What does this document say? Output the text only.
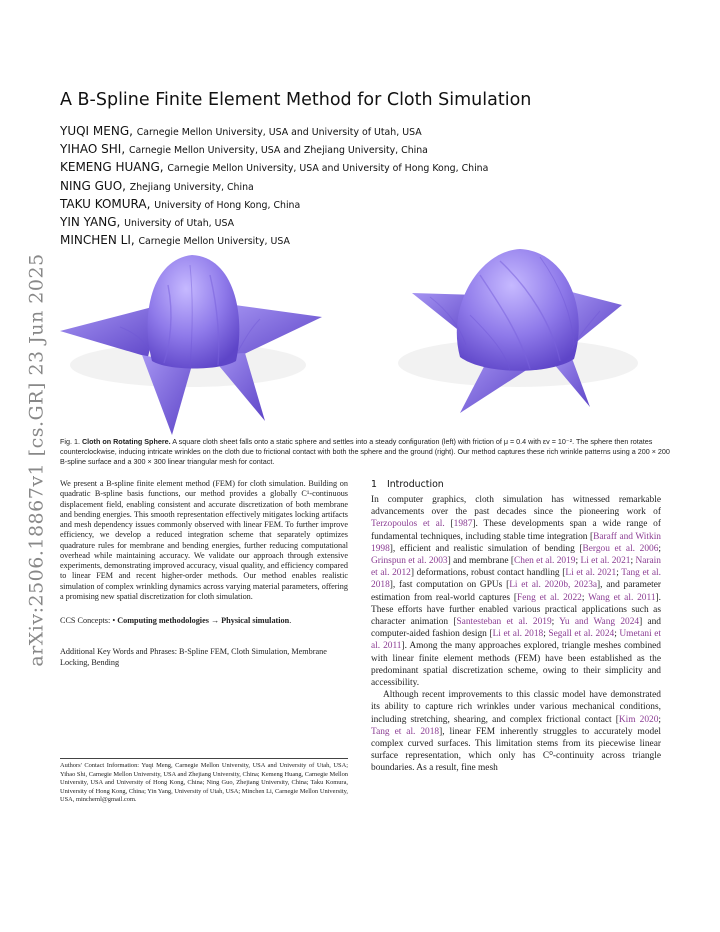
arXiv:2506.18867v1 [cs.GR] 23 Jun 2025
A B-Spline Finite Element Method for Cloth Simulation
YUQI MENG, Carnegie Mellon University, USA and University of Utah, USA
YIHAO SHI, Carnegie Mellon University, USA and Zhejiang University, China
KEMENG HUANG, Carnegie Mellon University, USA and University of Hong Kong, China
NING GUO, Zhejiang University, China
TAKU KOMURA, University of Hong Kong, China
YIN YANG, University of Utah, USA
MINCHEN LI, Carnegie Mellon University, USA

Fig. 1. Cloth on Rotating Sphere. A square cloth sheet falls onto a static sphere and settles into a steady configuration (left) with friction of μ = 0.4 with εv = 10⁻². The sphere then rotates counterclockwise, inducing intricate wrinkles on the cloth due to frictional contact with both the sphere and the ground (right). Our method captures these rich wrinkle patterns using a 200 × 200 B-spline surface and a 300 × 300 linear triangular mesh for contact.

We present a B-spline finite element method (FEM) for cloth simulation. Building on quadratic B-spline basis functions, our method provides a globally C¹-continuous displacement field, enabling consistent and accurate discretization of both membrane and bending energies. This smooth representation effectively mitigates locking artifacts and mesh dependency issues commonly observed with linear FEM. To further improve efficiency, we develop a reduced integration scheme that separately optimizes quadrature rules for membrane and bending energies, further reducing computational overhead while maintaining accuracy. We validate our approach through extensive experiments, demonstrating improved accuracy, visual quality, and efficiency compared to linear FEM and recent higher-order methods. Our method enables realistic simulation of complex wrinkling dynamics across varying material parameters, offering a promising new spatial discretization for cloth simulation.

CCS Concepts: • Computing methodologies → Physical simulation.

Additional Key Words and Phrases: B-Spline FEM, Cloth Simulation, Membrane Locking, Bending

Authors' Contact Information: Yuqi Meng, Carnegie Mellon University, USA and University of Utah, USA; Yihao Shi, Carnegie Mellon University, USA and Zhejiang University, China; Kemeng Huang, Carnegie Mellon University, USA and University of Hong Kong, China; Ning Guo, Zhejiang University, China; Taku Komura, University of Hong Kong, China; Yin Yang, University of Utah, USA; Minchen Li, Carnegie Mellon University, USA, minchernl@gmail.com.
1 Introduction

In computer graphics, cloth simulation has witnessed remarkable advancements over the past decades since the pioneering work of Terzopoulos et al. [1987]. These developments span a wide range of fundamental techniques, including stable time integration [Baraff and Witkin 1998], efficient and realistic simulation of bending [Bergou et al. 2006; Grinspun et al. 2003] and membrane [Chen et al. 2019; Li et al. 2021; Narain et al. 2012] deformations, robust contact handling [Li et al. 2021; Tang et al. 2018], fast computation on GPUs [Li et al. 2020b, 2023a], and parameter estimation from real-world captures [Feng et al. 2022; Wang et al. 2011]. These efforts have further enabled various practical applications such as character animation [Santesteban et al. 2019; Yu and Wang 2024] and computer-aided fashion design [Li et al. 2018; Segall et al. 2024; Umetani et al. 2011]. Among the many approaches explored, triangle meshes combined with linear finite element methods (FEM) have been established as the predominant spatial discretization scheme, owing to their simplicity and accessibility.

Although recent improvements to this classic model have demonstrated its ability to capture rich wrinkles under various mechanical conditions, including stretching, shearing, and complex frictional contact [Kim 2020; Tang et al. 2018], linear FEM inherently struggles to accurately model complex curved surfaces. This limitation stems from its piecewise linear surface representation, which only has C⁰-continuity across triangle boundaries. As a result, fine mesh
